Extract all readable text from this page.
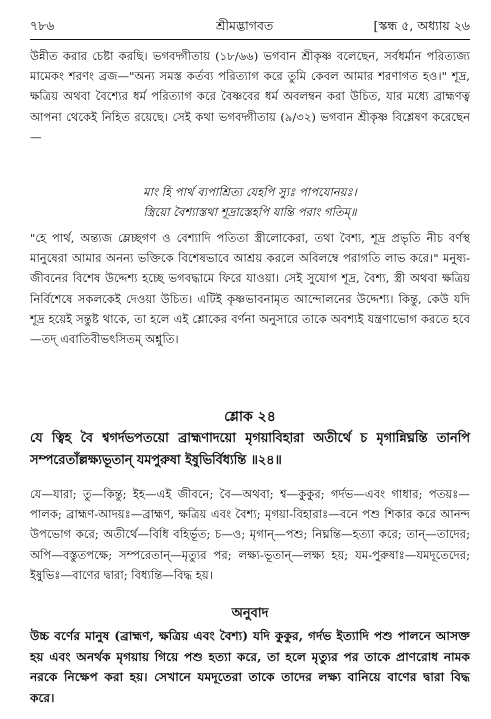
৭৮৬	শ্রীমদ্ভাগবত	[স্কন্ধ ৫, অধ্যায় ২৬

উন্নীত করার চেষ্টা করছি। ভগবদ্গীতায় (১৮/৬৬) ভগবান শ্রীকৃষ্ণ বলেছেন, সর্বধর্মান পরিত্যজ্য মামেকং শরণং ব্রজ—"অন্য সমস্ত কর্তব্য পরিত্যাগ করে তুমি কেবল আমার শরণাগত হও।" শূদ্র, ক্ষত্রিয় অথবা বৈশ্যের ধর্ম পরিত্যাগ করে বৈষ্ণবের ধর্ম অবলম্বন করা উচিত, যার মধ্যে ব্রাহ্মণত্ব আপনা থেকেই নিহিত রয়েছে। সেই কথা ভগবদ্গীতায় (৯/৩২) ভগবান শ্রীকৃষ্ণ বিশ্লেষণ করেছেন—

মাং হি পার্থ ব্যপাশ্রিত্য যেহপি স্যুঃ পাপযোনয়ঃ।
স্ত্রিয়ো বৈশ্যাস্তথা শূদ্রাস্তেহপি যান্তি পরাং গতিম্॥

"হে পার্থ, অন্ত্যজ ম্লেচ্ছগণ ও বেশ্যাদি পতিতা স্ত্রীলোকেরা, তথা বৈশ্য, শূদ্র প্রভৃতি নীচ বর্ণস্থ মানুষেরা আমার অনন্য ভক্তিকে বিশেষভাবে আশ্রয় করলে অবিলম্বে পরাগতি লাভ করে।" মনুষ্য-জীবনের বিশেষ উদ্দেশ্য হচ্ছে ভগবদ্ধামে ফিরে যাওয়া। সেই সুযোগ শূদ্র, বৈশ্য, স্ত্রী অথবা ক্ষত্রিয় নির্বিশেষে সকলকেই দেওয়া উচিত। এটিই কৃষ্ণভাবনামৃত আন্দোলনের উদ্দেশ্য। কিন্তু, কেউ যদি শূদ্র হয়েই সন্তুষ্ট থাকে, তা হলে এই শ্লোকের বর্ণনা অনুসারে তাকে অবশ্যই যন্ত্রণাভোগ করতে হবে—তদ্ এবাতিবীভৎসিতম্ অশ্নুতি।

শ্লোক ২৪

যে ত্বিহ বৈ শ্বগর্দভপতয়ো ব্রাহ্মণাদয়ো মৃগয়াবিহারা অতীর্থে চ মৃগান্নিঘ্নন্তি তানপি সম্পরেতাঁল্লক্ষ্যভূতান্ যমপুরুষা ইষুভির্বিধ্যন্তি ॥২৪॥

যে—যারা; তু—কিন্তু; ইহ—এই জীবনে; বৈ—অথবা; শ্ব—কুকুর; গর্দভ—এবং গাধার; পতয়ঃ—পালক; ব্রাহ্মণ-আদয়ঃ—ব্রাহ্মণ, ক্ষত্রিয় এবং বৈশ্য; মৃগয়া-বিহারাঃ—বনে পশু শিকার করে আনন্দ উপভোগ করে; অতীর্থে—বিধি বহির্ভূত; চ—ও; মৃগান্—পশু; নিঘ্নন্তি—হত্যা করে; তান্—তাদের; অপি—বস্তুতপক্ষে; সম্পরেতান্—মৃত্যুর পর; লক্ষ্য-ভূতান্—লক্ষ্য হয়; যম-পুরুষাঃ—যমদূতেদের; ইষুভিঃ—বাণের দ্বারা; বিধ্যন্তি—বিদ্ধ হয়।

অনুবাদ

উচ্চ বর্ণের মানুষ (ব্রাহ্মণ, ক্ষত্রিয় এবং বৈশ্য) যদি কুকুর, গর্দভ ইত্যাদি পশু পালনে আসক্ত হয় এবং অনর্থক মৃগয়ায় গিয়ে পশু হত্যা করে, তা হলে মৃত্যুর পর তাকে প্রাণরোধ নামক নরকে নিক্ষেপ করা হয়। সেখানে যমদূতেরা তাকে তাদের লক্ষ্য বানিয়ে বাণের দ্বারা বিদ্ধ করে।
